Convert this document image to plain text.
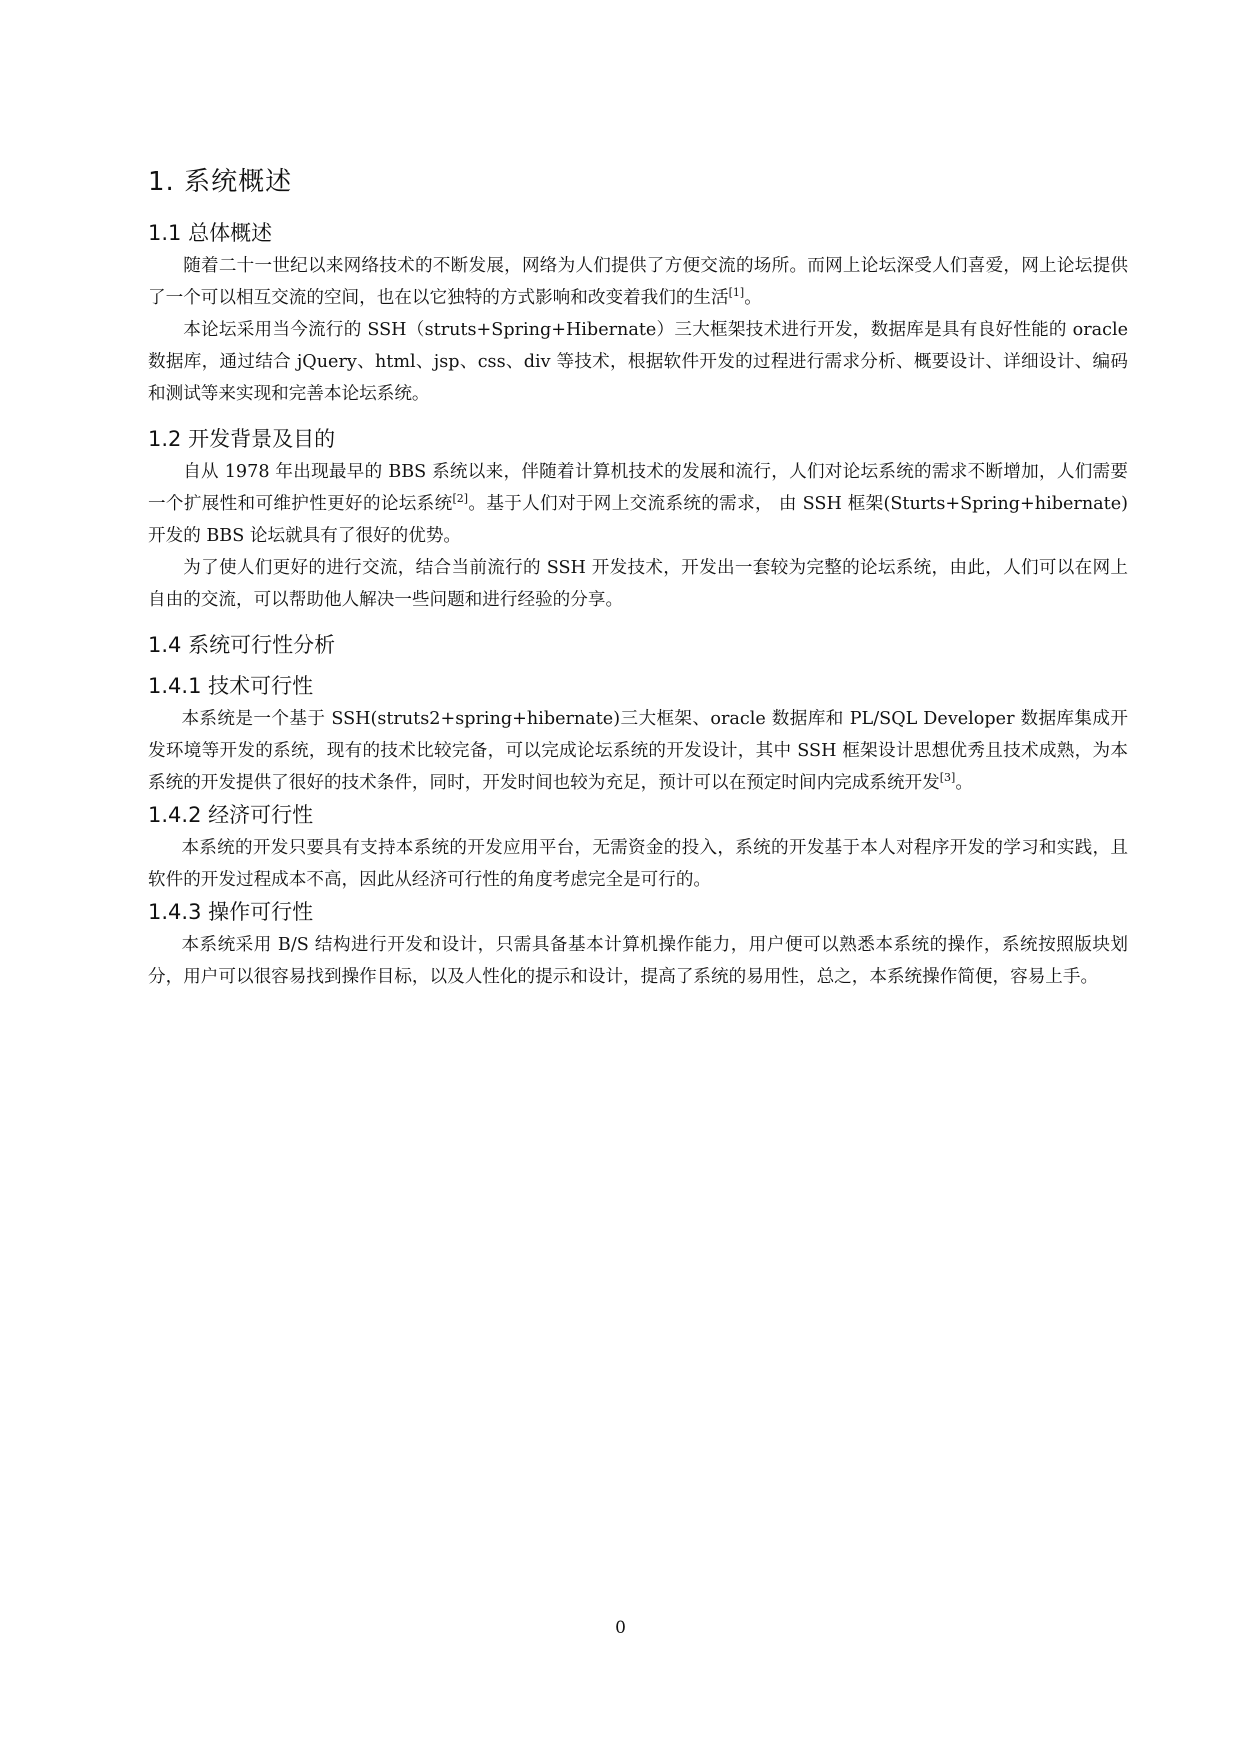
1. 系统概述
1.1 总体概述

随着二十一世纪以来网络技术的不断发展，网络为人们提供了方便交流的场所。而网上论坛深受人们喜爱，网上论坛提供了一个可以相互交流的空间，也在以它独特的方式影响和改变着我们的生活[1]。

本论坛采用当今流行的 SSH（struts+Spring+Hibernate）三大框架技术进行开发，数据库是具有良好性能的 oracle 数据库，通过结合 jQuery、html、jsp、css、div 等技术，根据软件开发的过程进行需求分析、概要设计、详细设计、编码和测试等来实现和完善本论坛系统。

1.2 开发背景及目的

自从 1978 年出现最早的 BBS 系统以来，伴随着计算机技术的发展和流行，人们对论坛系统的需求不断增加，人们需要一个扩展性和可维护性更好的论坛系统[2]。基于人们对于网上交流系统的需求， 由 SSH 框架(Sturts+Spring+hibernate)开发的 BBS 论坛就具有了很好的优势。

为了使人们更好的进行交流，结合当前流行的 SSH 开发技术，开发出一套较为完整的论坛系统，由此，人们可以在网上自由的交流，可以帮助他人解决一些问题和进行经验的分享。

1.4 系统可行性分析
1.4.1 技术可行性

本系统是一个基于 SSH(struts2+spring+hibernate)三大框架、oracle 数据库和 PL/SQL Developer 数据库集成开发环境等开发的系统，现有的技术比较完备，可以完成论坛系统的开发设计，其中 SSH 框架设计思想优秀且技术成熟，为本系统的开发提供了很好的技术条件，同时，开发时间也较为充足，预计可以在预定时间内完成系统开发[3]。

1.4.2 经济可行性

本系统的开发只要具有支持本系统的开发应用平台，无需资金的投入，系统的开发基于本人对程序开发的学习和实践，且软件的开发过程成本不高，因此从经济可行性的角度考虑完全是可行的。

1.4.3 操作可行性

本系统采用 B/S 结构进行开发和设计，只需具备基本计算机操作能力，用户便可以熟悉本系统的操作，系统按照版块划分，用户可以很容易找到操作目标，以及人性化的提示和设计，提高了系统的易用性，总之，本系统操作简便，容易上手。

0
